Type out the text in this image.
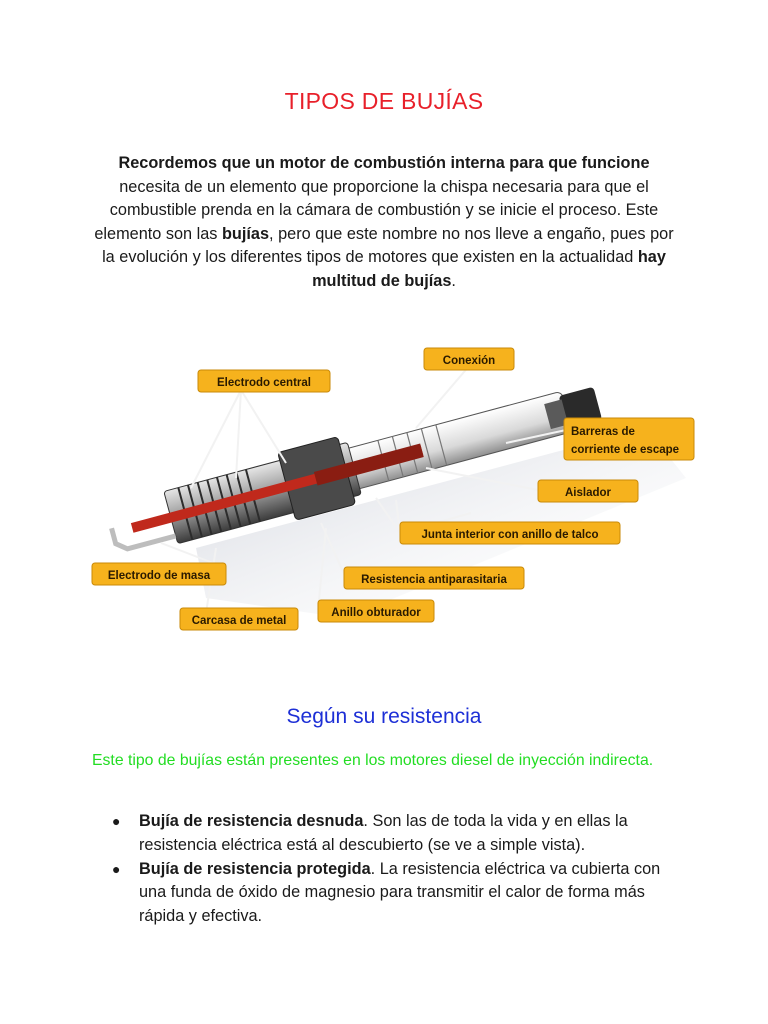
TIPOS DE BUJÍAS
Recordemos que un motor de combustión interna para que funcione necesita de un elemento que proporcione la chispa necesaria para que el combustible prenda en la cámara de combustión y se inicie el proceso. Este elemento son las bujías, pero que este nombre no nos lleve a engaño, pues por la evolución y los diferentes tipos de motores que existen en la actualidad hay multitud de bujías.
Conexión
Electrodo central
Barreras de
corriente de escape
Aislador
Junta interior con anillo de talco
Electrodo de masa	Resistencia antiparasitaria
Anillo obturador
Carcasa de metal
Según su resistencia
Este tipo de bujías están presentes en los motores diesel de inyección indirecta.
● Bujía de resistencia desnuda. Son las de toda la vida y en ellas la resistencia eléctrica está al descubierto (se ve a simple vista).
● Bujía de resistencia protegida. La resistencia eléctrica va cubierta con una funda de óxido de magnesio para transmitir el calor de forma más rápida y efectiva.
